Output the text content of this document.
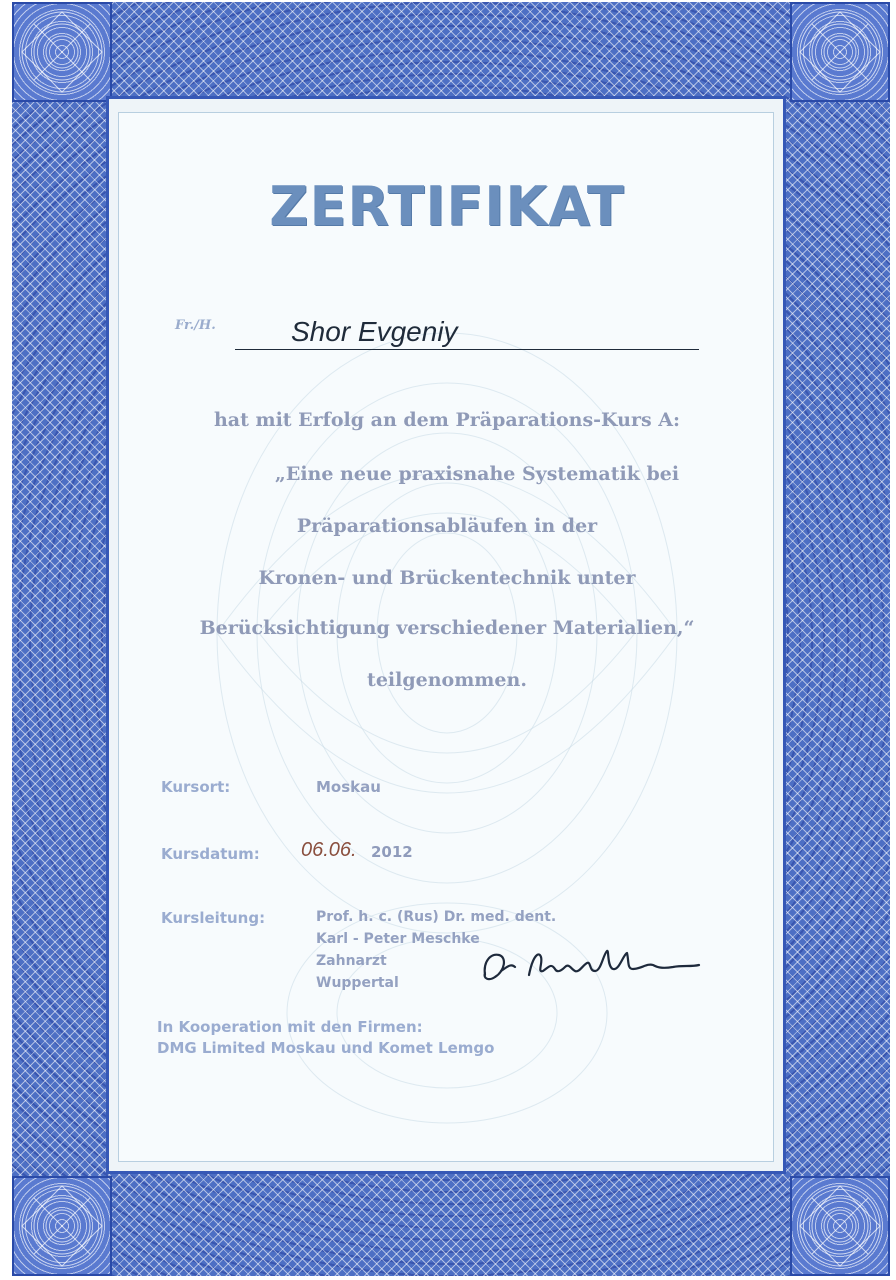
ZERTIFIKAT
Fr./H.	Shor Evgeniy
hat mit Erfolg an dem Präparations-Kurs A:
„Eine neue praxisnahe Systematik bei
Präparationsabläufen in der
Kronen- und Brückentechnik unter
Berücksichtigung verschiedener Materialien,“
teilgenommen.
Kursort:	Moskau
Kursdatum: 06.06. 2012
Kursleitung:	Prof. h. c. (Rus) Dr. med. dent.
Karl - Peter Meschke
Zahnarzt
Wuppertal
In Kooperation mit den Firmen:
DMG Limited Moskau und Komet Lemgo
